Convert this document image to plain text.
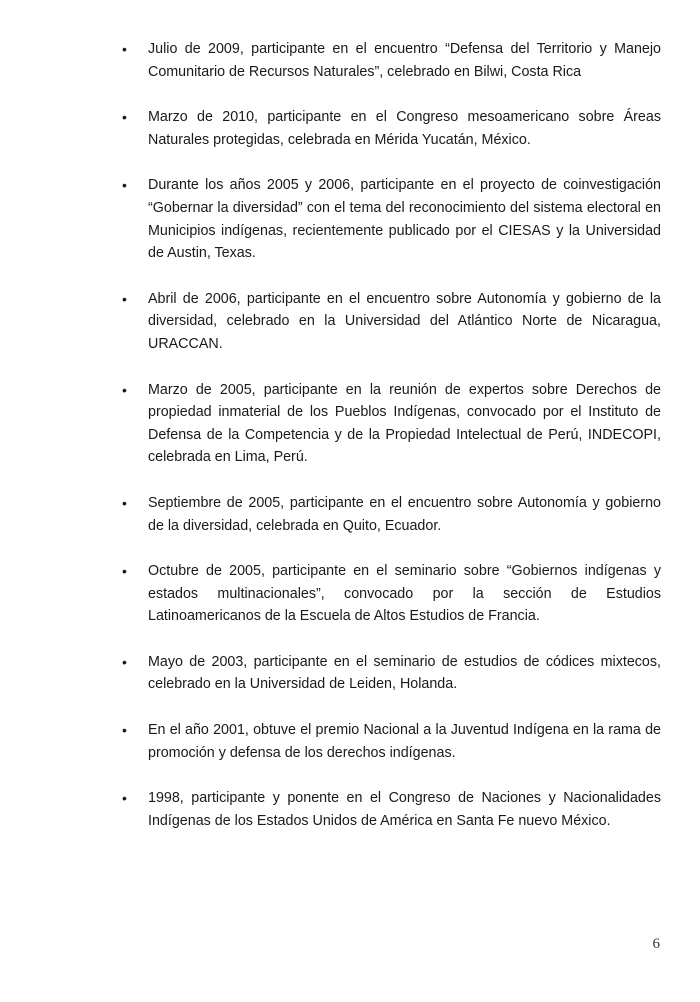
•	Julio de 2009, participante en el encuentro “Defensa del Territorio y Manejo Comunitario de Recursos Naturales”, celebrado en Bilwi, Costa Rica
•	Marzo de 2010, participante en el Congreso mesoamericano sobre Áreas Naturales protegidas, celebrada en Mérida Yucatán, México.
•	Durante los años 2005 y 2006, participante en el proyecto de coinvestigación “Gobernar la diversidad” con el tema del reconocimiento del sistema electoral en Municipios indígenas, recientemente publicado por el CIESAS y la Universidad de Austin, Texas.
•	Abril de 2006, participante en el encuentro sobre Autonomía y gobierno de la diversidad, celebrado en la Universidad del Atlántico Norte de Nicaragua, URACCAN.
•	Marzo de 2005, participante en la reunión de expertos sobre Derechos de propiedad inmaterial de los Pueblos Indígenas, convocado por el Instituto de Defensa de la Competencia y de la Propiedad Intelectual de Perú, INDECOPI, celebrada en Lima, Perú.
•	Septiembre de 2005, participante en el encuentro sobre Autonomía y gobierno de la diversidad, celebrada en Quito, Ecuador.
•	Octubre de 2005, participante en el seminario sobre “Gobiernos indígenas y estados multinacionales”, convocado por la sección de Estudios Latinoamericanos de la Escuela de Altos Estudios de Francia.
•	Mayo de 2003, participante en el seminario de estudios de códices mixtecos, celebrado en la Universidad de Leiden, Holanda.
•	En el año 2001, obtuve el premio Nacional a la Juventud Indígena en la rama de promoción y defensa de los derechos indígenas.
•	1998, participante y ponente en el Congreso de Naciones y Nacionalidades Indígenas de los Estados Unidos de América en Santa Fe nuevo México.
6
